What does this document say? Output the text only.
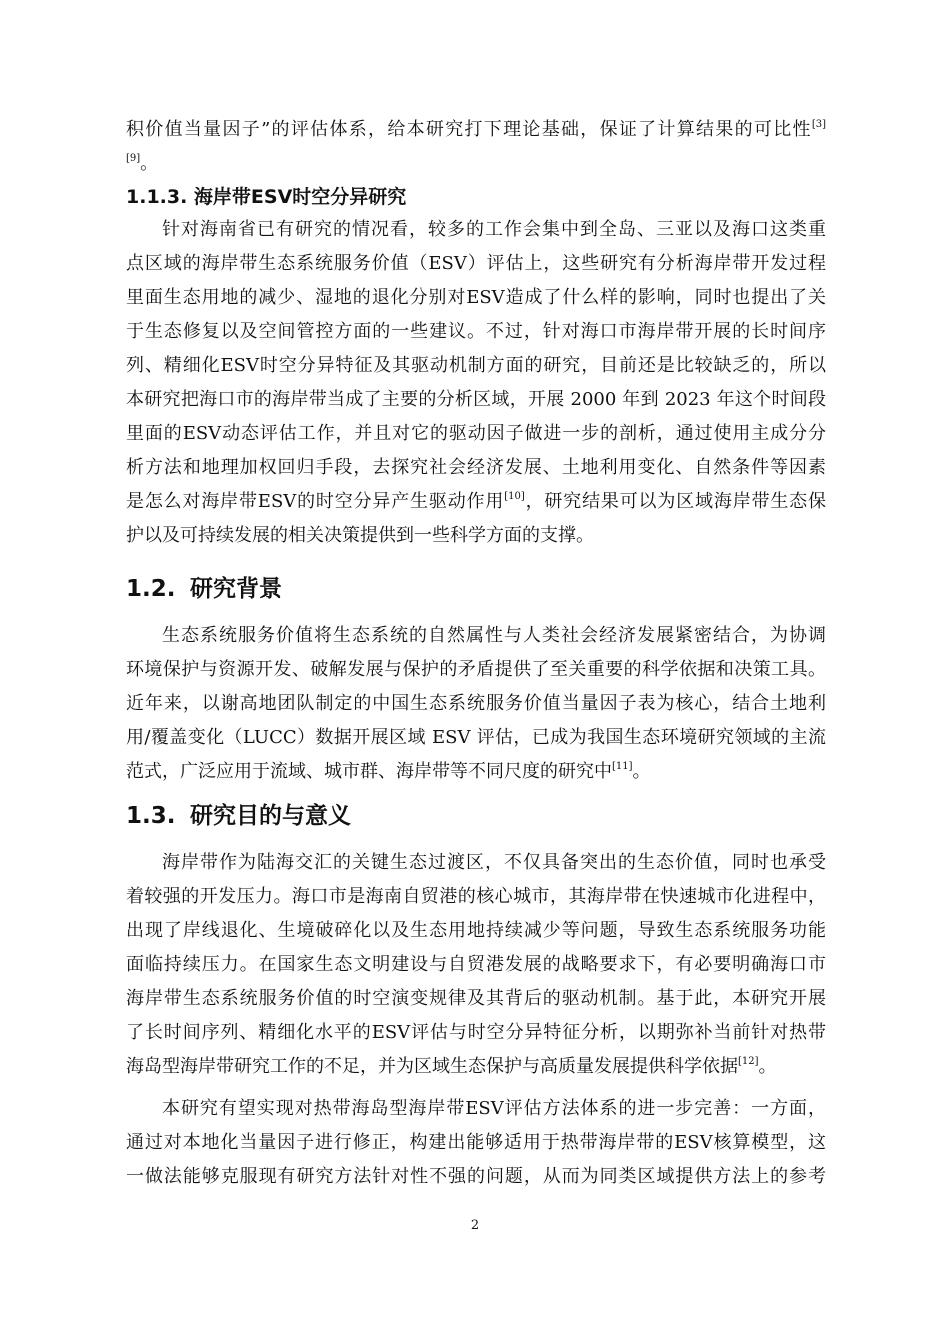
积价值当量因子”的评估体系，给本研究打下理论基础，保证了计算结果的可比性[3]
[9]。
1.1.3. 海岸带ESV时空分异研究
针对海南省已有研究的情况看，较多的工作会集中到全岛、三亚以及海口这类重
点区域的海岸带生态系统服务价值（ESV）评估上，这些研究有分析海岸带开发过程
里面生态用地的减少、湿地的退化分别对ESV造成了什么样的影响，同时也提出了关
于生态修复以及空间管控方面的一些建议。不过，针对海口市海岸带开展的长时间序
列、精细化ESV时空分异特征及其驱动机制方面的研究，目前还是比较缺乏的，所以
本研究把海口市的海岸带当成了主要的分析区域，开展 2000 年到 2023 年这个时间段
里面的ESV动态评估工作，并且对它的驱动因子做进一步的剖析，通过使用主成分分
析方法和地理加权回归手段，去探究社会经济发展、土地利用变化、自然条件等因素
是怎么对海岸带ESV的时空分异产生驱动作用[10]，研究结果可以为区域海岸带生态保
护以及可持续发展的相关决策提供到一些科学方面的支撑。
1.2. 研究背景
生态系统服务价值将生态系统的自然属性与人类社会经济发展紧密结合，为协调
环境保护与资源开发、破解发展与保护的矛盾提供了至关重要的科学依据和决策工具。
近年来，以谢高地团队制定的中国生态系统服务价值当量因子表为核心，结合土地利
用/覆盖变化（LUCC）数据开展区域 ESV 评估，已成为我国生态环境研究领域的主流
范式，广泛应用于流域、城市群、海岸带等不同尺度的研究中[11]。
1.3. 研究目的与意义
海岸带作为陆海交汇的关键生态过渡区，不仅具备突出的生态价值，同时也承受
着较强的开发压力。海口市是海南自贸港的核心城市，其海岸带在快速城市化进程中，
出现了岸线退化、生境破碎化以及生态用地持续减少等问题，导致生态系统服务功能
面临持续压力。在国家生态文明建设与自贸港发展的战略要求下，有必要明确海口市
海岸带生态系统服务价值的时空演变规律及其背后的驱动机制。基于此，本研究开展
了长时间序列、精细化水平的ESV评估与时空分异特征分析，以期弥补当前针对热带
海岛型海岸带研究工作的不足，并为区域生态保护与高质量发展提供科学依据[12]。
本研究有望实现对热带海岛型海岸带ESV评估方法体系的进一步完善：一方面，
通过对本地化当量因子进行修正，构建出能够适用于热带海岸带的ESV核算模型，这
一做法能够克服现有研究方法针对性不强的问题，从而为同类区域提供方法上的参考
2
